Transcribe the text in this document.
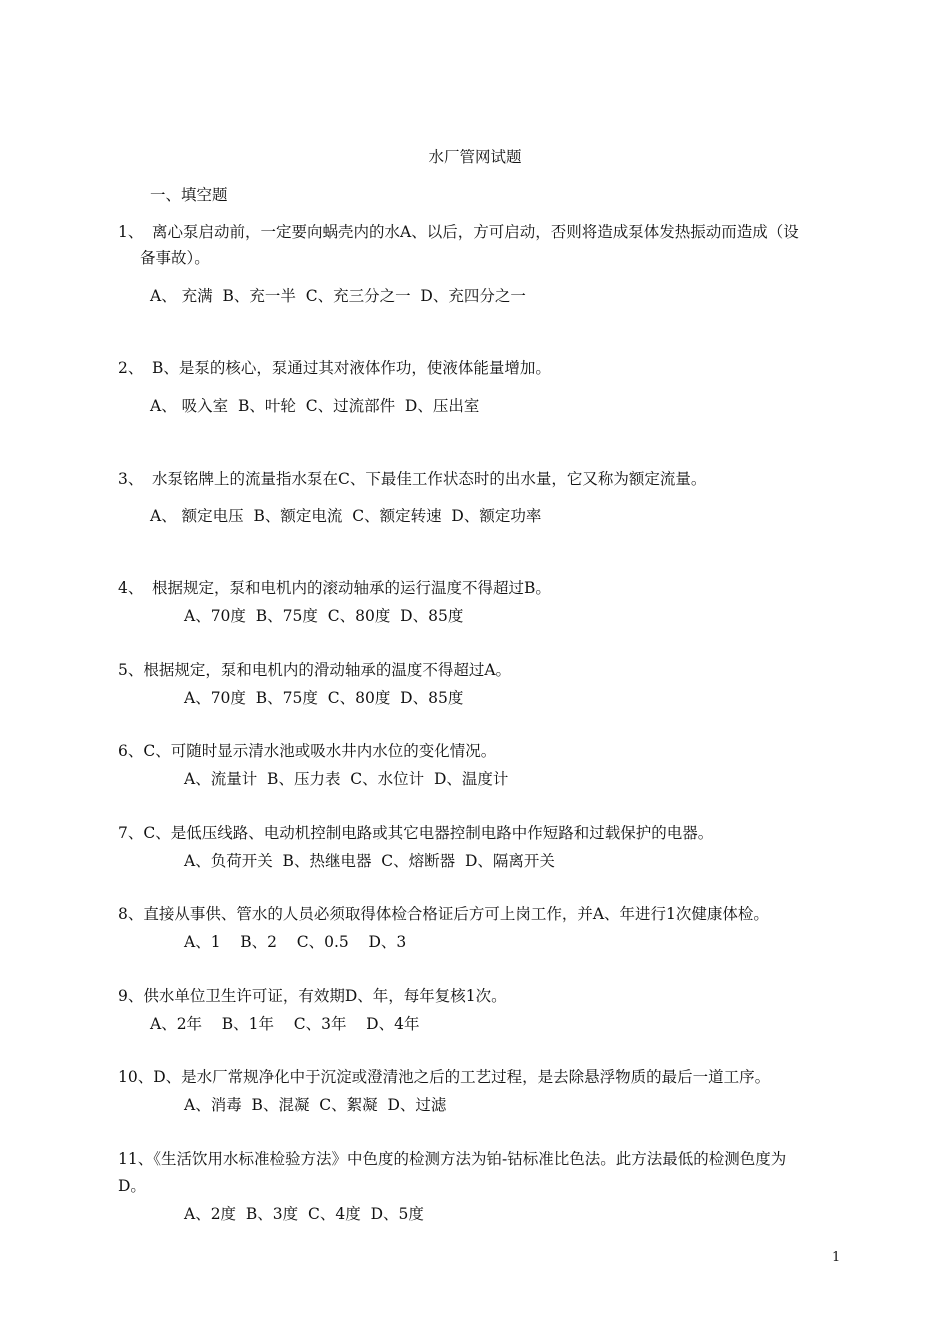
水厂管网试题
一、填空题
1、 离心泵启动前，一定要向蜗壳内的水A、以后，方可启动，否则将造成泵体发热振动而造成（设
备事故）。
A、 充满  B、充一半  C、充三分之一  D、充四分之一
2、 B、是泵的核心，泵通过其对液体作功，使液体能量增加。
A、 吸入室  B、叶轮  C、过流部件  D、压出室
3、 水泵铭牌上的流量指水泵在C、下最佳工作状态时的出水量，它又称为额定流量。
A、 额定电压  B、额定电流  C、额定转速  D、额定功率
4、 根据规定，泵和电机内的滚动轴承的运行温度不得超过B。
A、70度  B、75度  C、80度  D、85度
5、根据规定，泵和电机内的滑动轴承的温度不得超过A。
A、70度  B、75度  C、80度  D、85度
6、C、可随时显示清水池或吸水井内水位的变化情况。
A、流量计  B、压力表  C、水位计  D、温度计
7、C、是低压线路、电动机控制电路或其它电器控制电路中作短路和过载保护的电器。
A、负荷开关  B、热继电器  C、熔断器  D、隔离开关
8、直接从事供、管水的人员必须取得体检合格证后方可上岗工作，并A、年进行1次健康体检。
A、1    B、2    C、0.5    D、3
9、供水单位卫生许可证，有效期D、年，每年复核1次。
A、2年    B、1年    C、3年    D、4年
10、D、是水厂常规净化中于沉淀或澄清池之后的工艺过程，是去除悬浮物质的最后一道工序。
A、消毒  B、混凝  C、絮凝  D、过滤
11、《生活饮用水标准检验方法》中色度的检测方法为铂-钴标准比色法。此方法最低的检测色度为
D。
A、2度  B、3度  C、4度  D、5度
1
